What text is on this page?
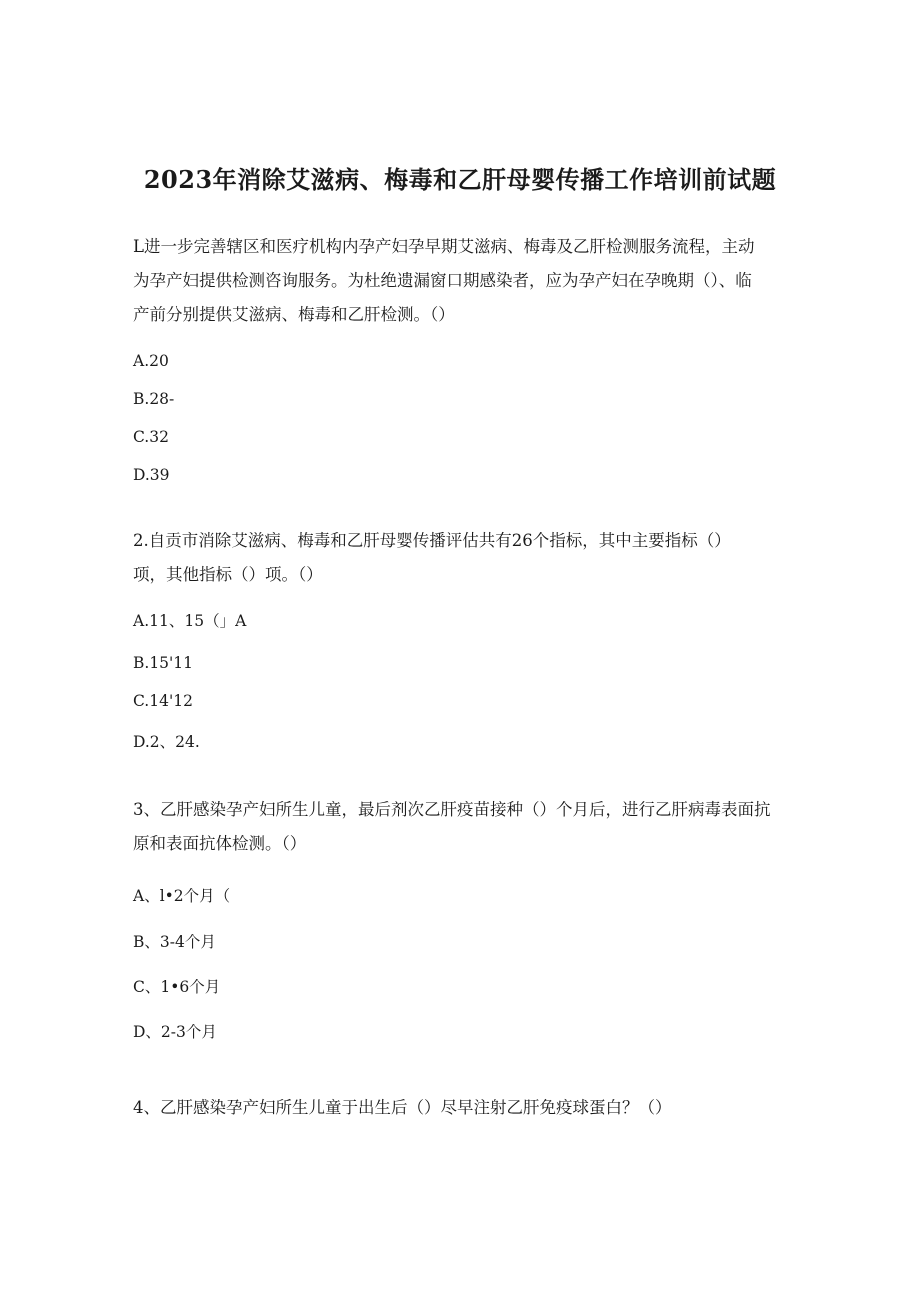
2023年消除艾滋病、梅毒和乙肝母婴传播工作培训前试题
L进一步完善辖区和医疗机构内孕产妇孕早期艾滋病、梅毒及乙肝检测服务流程，主动
为孕产妇提供检测咨询服务。为杜绝遗漏窗口期感染者，应为孕产妇在孕晚期（）、临
产前分别提供艾滋病、梅毒和乙肝检测。（）
A.20
B.28-
C.32
D.39
2.自贡市消除艾滋病、梅毒和乙肝母婴传播评估共有26个指标，其中主要指标（）
项，其他指标（）项。（）
A.11、15（」A
B.15'11
C.14'12
D.2、24.
3、乙肝感染孕产妇所生儿童，最后剂次乙肝疫苗接种（）个月后，进行乙肝病毒表面抗
原和表面抗体检测。（）
A、l•2个月（
B、3-4个月
C、1•6个月
D、2-3个月
4、乙肝感染孕产妇所生儿童于出生后（）尽早注射乙肝免疫球蛋白？（）
